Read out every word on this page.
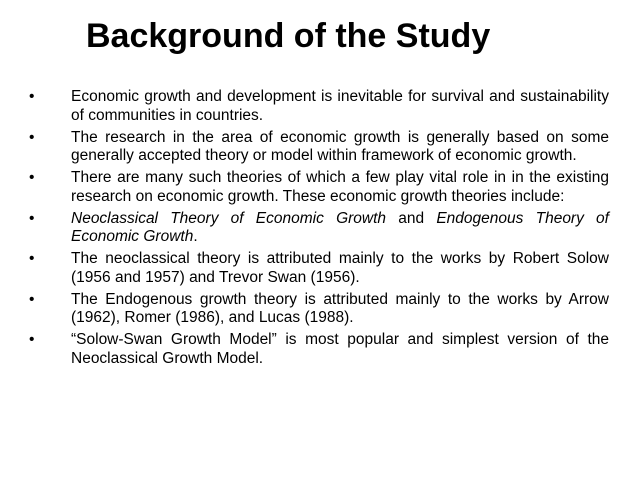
Background of the Study
•	Economic growth and development is inevitable for survival and sustainability of communities in countries.
•	The research in the area of economic growth is generally based on some generally accepted theory or model within framework of economic growth.
•	There are many such theories of which a few play vital role in in the existing research on economic growth. These economic growth theories include:
•	Neoclassical Theory of Economic Growth and Endogenous Theory of Economic Growth.
•	The neoclassical theory is attributed mainly to the works by Robert Solow (1956 and 1957) and Trevor Swan (1956).
•	The Endogenous growth theory is attributed mainly to the works by Arrow (1962), Romer (1986), and Lucas (1988).
•	“Solow-Swan Growth Model” is most popular and simplest version of the Neoclassical Growth Model.
